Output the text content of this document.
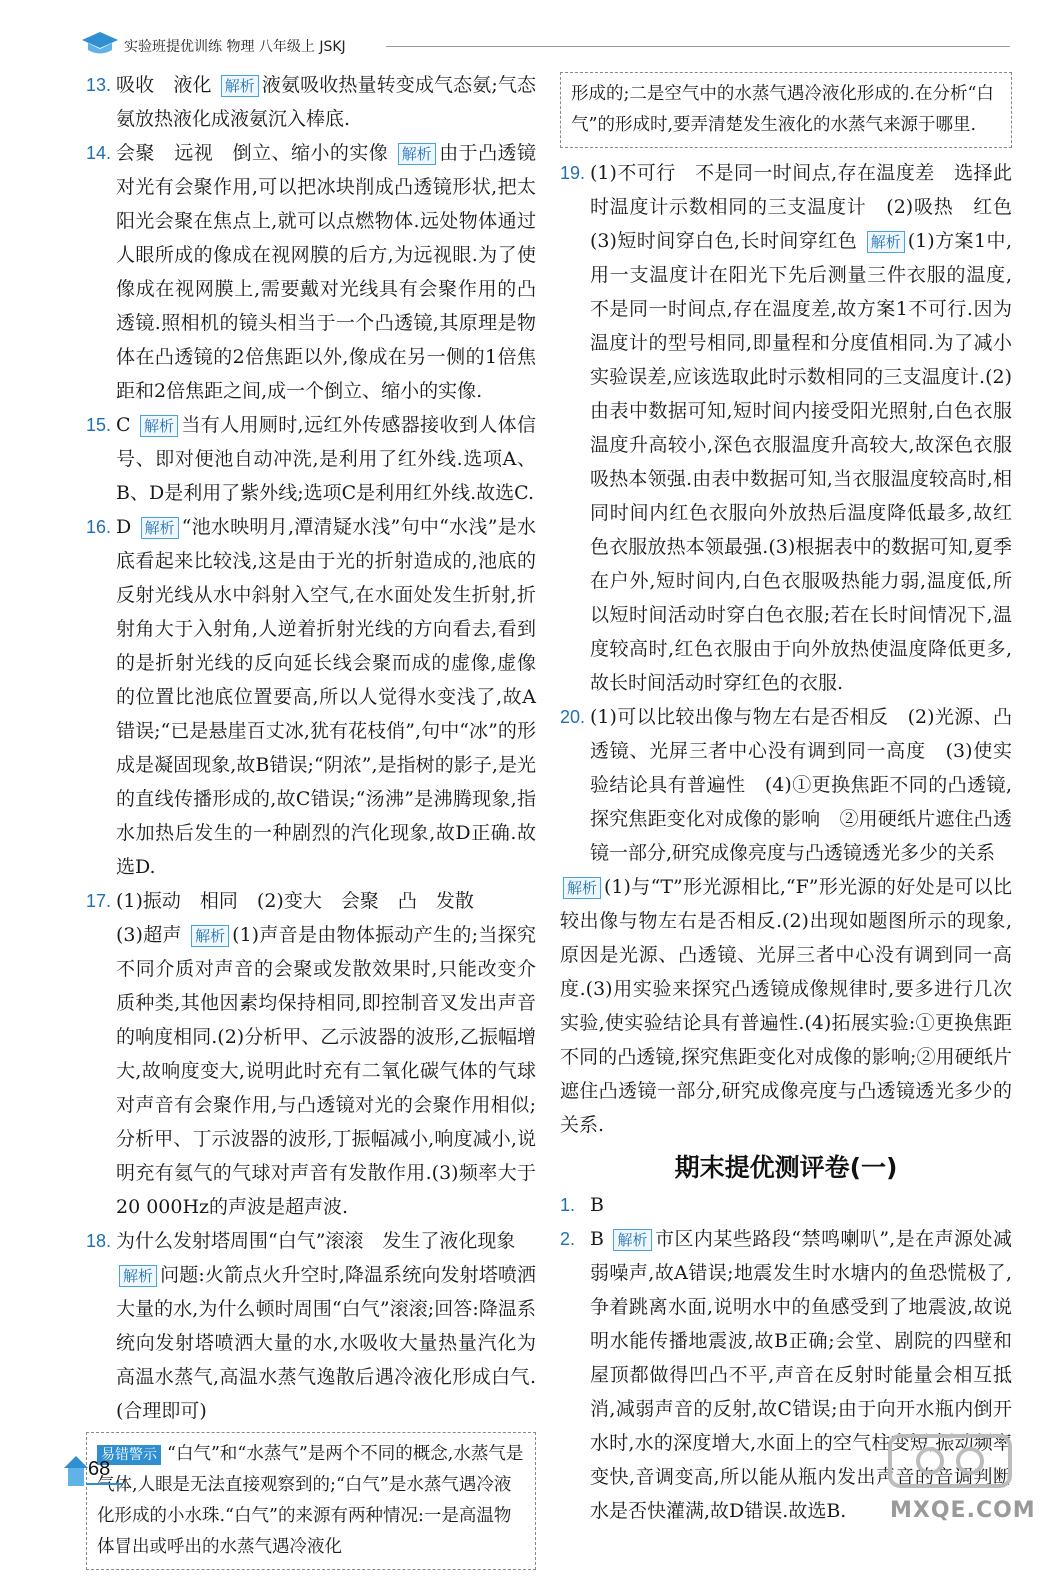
实验班提优训练 物理 八年级上 JSKJ
13. 吸收　液化 解析 液氨吸收热量转变成气态氨;气态氨放热液化成液氨沉入棒底.
14. 会聚　远视　倒立、缩小的实像 解析 由于凸透镜对光有会聚作用,可以把冰块削成凸透镜形状,把太阳光会聚在焦点上,就可以点燃物体.远处物体通过人眼所成的像成在视网膜的后方,为远视眼.为了使像成在视网膜上,需要戴对光线具有会聚作用的凸透镜.照相机的镜头相当于一个凸透镜,其原理是物体在凸透镜的2倍焦距以外,像成在另一侧的1倍焦距和2倍焦距之间,成一个倒立、缩小的实像.
15. C 解析 当有人用厕时,远红外传感器接收到人体信号、即对便池自动冲洗,是利用了红外线.选项A、B、D是利用了紫外线;选项C是利用红外线.故选C.
16. D 解析 “池水映明月,潭清疑水浅”句中“水浅”是水底看起来比较浅,这是由于光的折射造成的,池底的反射光线从水中斜射入空气,在水面处发生折射,折射角大于入射角,人逆着折射光线的方向看去,看到的是折射光线的反向延长线会聚而成的虚像,虚像的位置比池底位置要高,所以人觉得水变浅了,故A错误;“已是悬崖百丈冰,犹有花枝俏”,句中“冰”的形成是凝固现象,故B错误;“阴浓”,是指树的影子,是光的直线传播形成的,故C错误;“汤沸”是沸腾现象,指水加热后发生的一种剧烈的汽化现象,故D正确.故选D.
17. (1)振动　相同　(2)变大　会聚　凸　发散
(3)超声 解析 (1)声音是由物体振动产生的;当探究不同介质对声音的会聚或发散效果时,只能改变介质种类,其他因素均保持相同,即控制音叉发出声音的响度相同.(2)分析甲、乙示波器的波形,乙振幅增大,故响度变大,说明此时充有二氧化碳气体的气球对声音有会聚作用,与凸透镜对光的会聚作用相似;分析甲、丁示波器的波形,丁振幅减小,响度减小,说明充有氦气的气球对声音有发散作用.(3)频率大于20 000Hz的声波是超声波.
18. 为什么发射塔周围“白气”滚滚　发生了液化现象
解析 问题:火箭点火升空时,降温系统向发射塔喷洒大量的水,为什么顿时周围“白气”滚滚;回答:降温系统向发射塔喷洒大量的水,水吸收大量热量汽化为高温水蒸气,高温水蒸气逸散后遇冷液化形成白气.(合理即可)
易错警示 “白气”和“水蒸气”是两个不同的概念,水蒸气是气体,人眼是无法直接观察到的;“白气”是水蒸气遇冷液化形成的小水珠.“白气”的来源有两种情况:一是高温物体冒出或呼出的水蒸气遇冷液化
形成的;二是空气中的水蒸气遇冷液化形成的.在分析“白气”的形成时,要弄清楚发生液化的水蒸气来源于哪里.
19. (1)不可行　不是同一时间点,存在温度差　选择此时温度计示数相同的三支温度计　(2)吸热　红色　(3)短时间穿白色,长时间穿红色 解析 (1)方案1中,用一支温度计在阳光下先后测量三件衣服的温度,不是同一时间点,存在温度差,故方案1不可行.因为温度计的型号相同,即量程和分度值相同.为了减小实验误差,应该选取此时示数相同的三支温度计.(2)由表中数据可知,短时间内接受阳光照射,白色衣服温度升高较小,深色衣服温度升高较大,故深色衣服吸热本领强.由表中数据可知,当衣服温度较高时,相同时间内红色衣服向外放热后温度降低最多,故红色衣服放热本领最强.(3)根据表中的数据可知,夏季在户外,短时间内,白色衣服吸热能力弱,温度低,所以短时间活动时穿白色衣服;若在长时间情况下,温度较高时,红色衣服由于向外放热使温度降低更多,故长时间活动时穿红色的衣服.
20. (1)可以比较出像与物左右是否相反　(2)光源、凸透镜、光屏三者中心没有调到同一高度　(3)使实验结论具有普遍性　(4)①更换焦距不同的凸透镜,探究焦距变化对成像的影响　②用硬纸片遮住凸透镜一部分,研究成像亮度与凸透镜透光多少的关系
解析 (1)与“T”形光源相比,“F”形光源的好处是可以比较出像与物左右是否相反.(2)出现如题图所示的现象,原因是光源、凸透镜、光屏三者中心没有调到同一高度.(3)用实验来探究凸透镜成像规律时,要多进行几次实验,使实验结论具有普遍性.(4)拓展实验:①更换焦距不同的凸透镜,探究焦距变化对成像的影响;②用硬纸片遮住凸透镜一部分,研究成像亮度与凸透镜透光多少的关系.
期末提优测评卷(一)
1. B
2. B 解析 市区内某些路段“禁鸣喇叭”,是在声源处减弱噪声,故A错误;地震发生时水塘内的鱼恐慌极了,争着跳离水面,说明水中的鱼感受到了地震波,故说明水能传播地震波,故B正确;会堂、剧院的四壁和屋顶都做得凹凸不平,声音在反射时能量会相互抵消,减弱声音的反射,故C错误;由于向开水瓶内倒开水时,水的深度增大,水面上的空气柱变短,振动频率变快,音调变高,所以能从瓶内发出声音的音调判断水是否快灌满,故D错误.故选B.
68
MXQE.COM
